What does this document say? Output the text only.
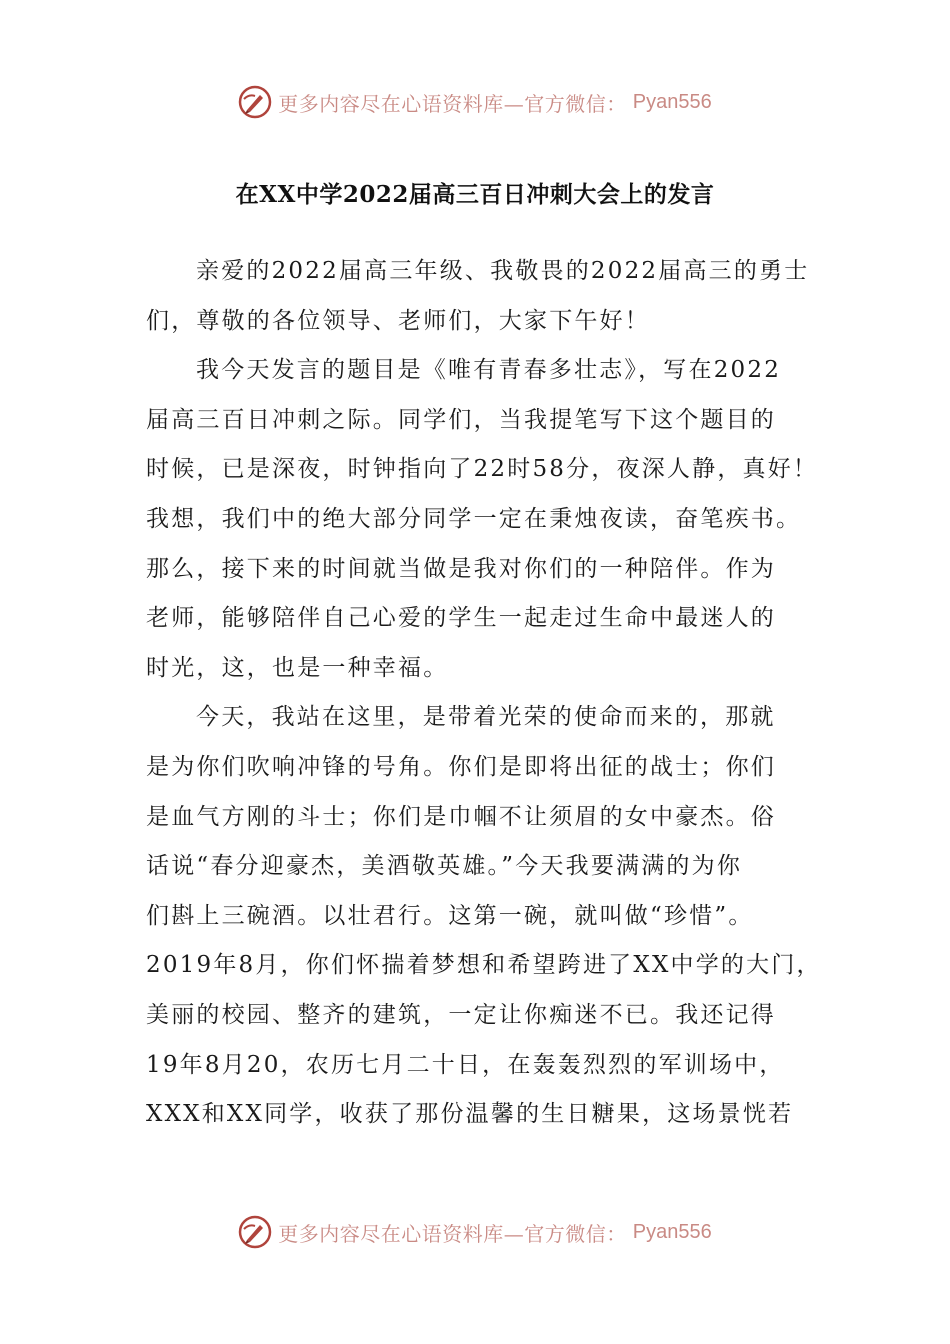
更多内容尽在心语资料库—官方微信： Pyan556
在XX中学2022届高三百日冲刺大会上的发言
亲爱的2022届高三年级、我敬畏的2022届高三的勇士
们，尊敬的各位领导、老师们，大家下午好！
我今天发言的题目是《唯有青春多壮志》，写在2022
届高三百日冲刺之际。同学们，当我提笔写下这个题目的
时候，已是深夜，时钟指向了22时58分，夜深人静，真好！
我想，我们中的绝大部分同学一定在秉烛夜读，奋笔疾书。
那么，接下来的时间就当做是我对你们的一种陪伴。作为
老师，能够陪伴自己心爱的学生一起走过生命中最迷人的
时光，这，也是一种幸福。
今天，我站在这里，是带着光荣的使命而来的，那就
是为你们吹响冲锋的号角。你们是即将出征的战士；你们
是血气方刚的斗士；你们是巾帼不让须眉的女中豪杰。俗
话说“春分迎豪杰，美酒敬英雄。”今天我要满满的为你
们斟上三碗酒。以壮君行。这第一碗，就叫做“珍惜”。
2019年8月，你们怀揣着梦想和希望跨进了XX中学的大门，
美丽的校园、整齐的建筑，一定让你痴迷不已。我还记得
19年8月20，农历七月二十日，在轰轰烈烈的军训场中，
XXX和XX同学，收获了那份温馨的生日糖果，这场景恍若
更多内容尽在心语资料库—官方微信： Pyan556
